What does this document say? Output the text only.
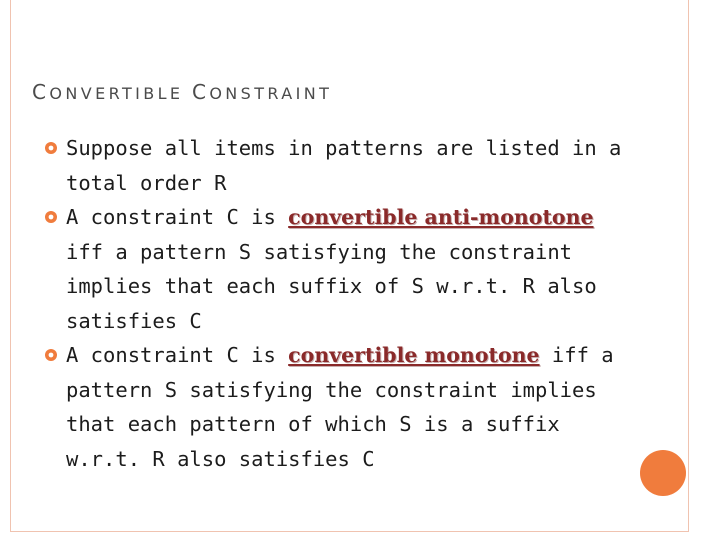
CONVERTIBLE CONSTRAINT
Suppose all items in patterns are listed in a total order R
A constraint C is convertible anti-monotone iff a pattern S satisfying the constraint implies that each suffix of S w.r.t. R also satisfies C
A constraint C is convertible monotone iff a pattern S satisfying the constraint implies that each pattern of which S is a suffix w.r.t. R also satisfies C
